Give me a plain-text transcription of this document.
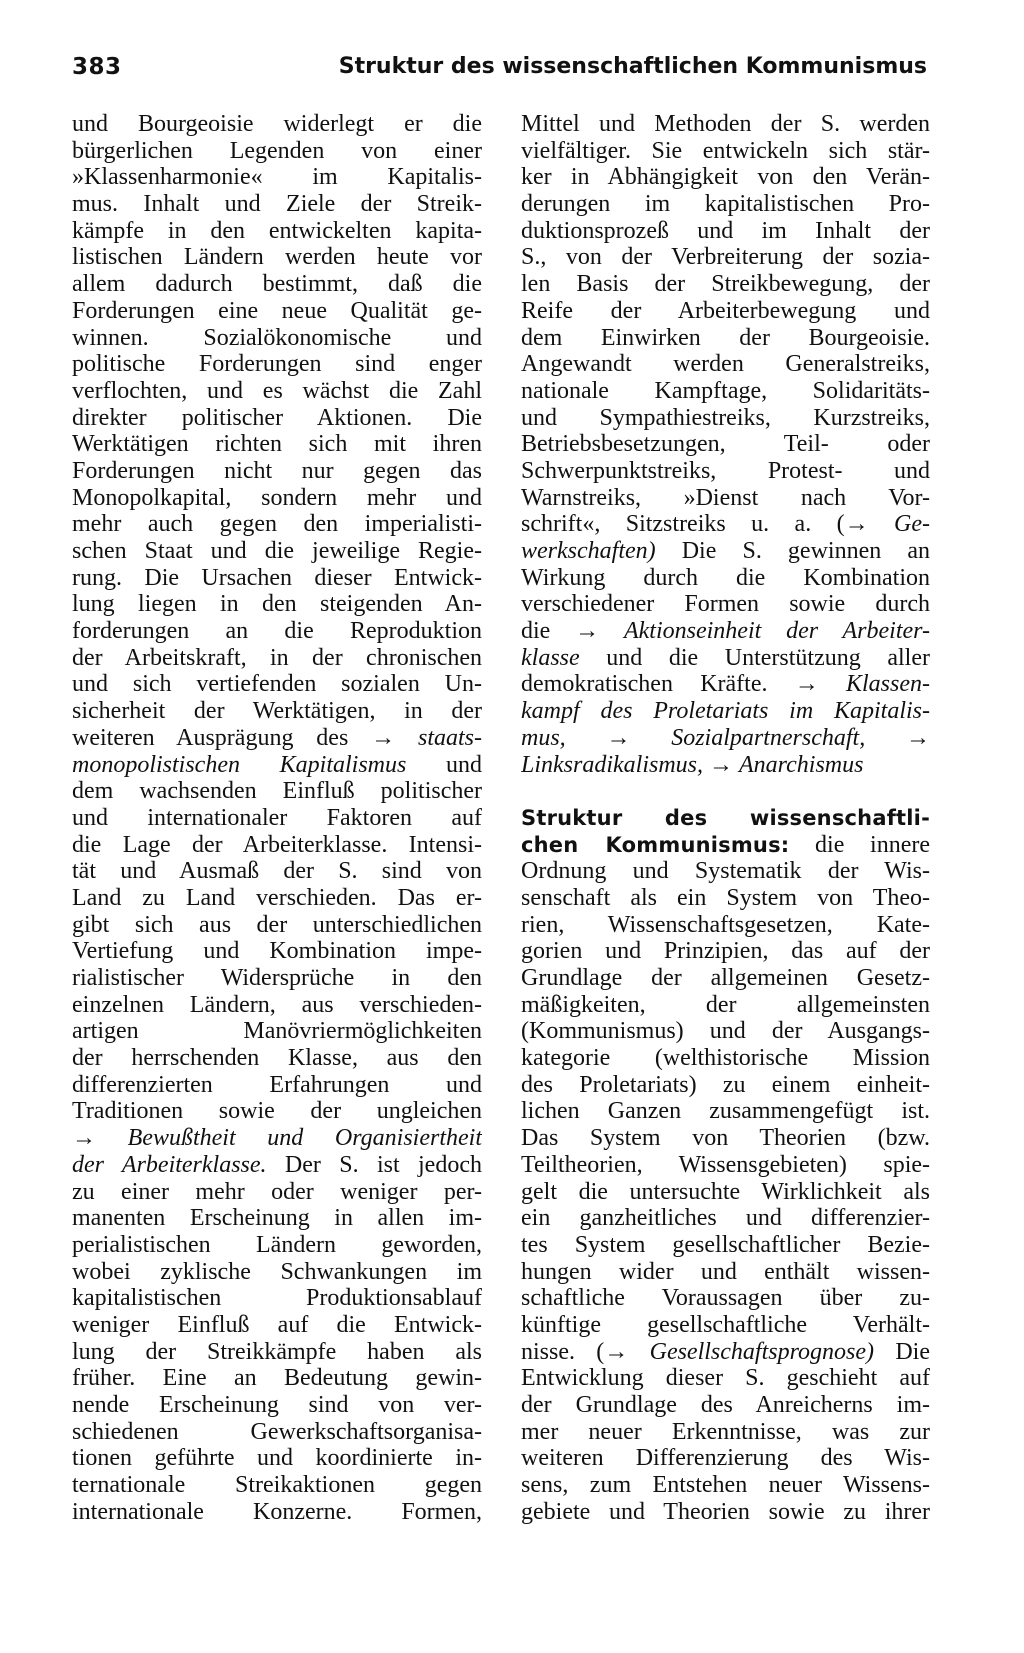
383	Struktur des wissenschaftlichen Kommunismus
und Bourgeoisie widerlegt er die
bürgerlichen Legenden von einer
»Klassenharmonie« im Kapitalis-
mus. Inhalt und Ziele der Streik-
kämpfe in den entwickelten kapita-
listischen Ländern werden heute vor
allem dadurch bestimmt, daß die
Forderungen eine neue Qualität ge-
winnen. Sozialökonomische und
politische Forderungen sind enger
verflochten, und es wächst die Zahl
direkter politischer Aktionen. Die
Werktätigen richten sich mit ihren
Forderungen nicht nur gegen das
Monopolkapital, sondern mehr und
mehr auch gegen den imperialisti-
schen Staat und die jeweilige Regie-
rung. Die Ursachen dieser Entwick-
lung liegen in den steigenden An-
forderungen an die Reproduktion
der Arbeitskraft, in der chronischen
und sich vertiefenden sozialen Un-
sicherheit der Werktätigen, in der
weiteren Ausprägung des → staats-
monopolistischen Kapitalismus und
dem wachsenden Einfluß politischer
und internationaler Faktoren auf
die Lage der Arbeiterklasse. Intensi-
tät und Ausmaß der S. sind von
Land zu Land verschieden. Das er-
gibt sich aus der unterschiedlichen
Vertiefung und Kombination impe-
rialistischer Widersprüche in den
einzelnen Ländern, aus verschieden-
artigen Manövriermöglichkeiten
der herrschenden Klasse, aus den
differenzierten Erfahrungen und
Traditionen sowie der ungleichen
→ Bewußtheit und Organisiertheit
der Arbeiterklasse. Der S. ist jedoch
zu einer mehr oder weniger per-
manenten Erscheinung in allen im-
perialistischen Ländern geworden,
wobei zyklische Schwankungen im
kapitalistischen Produktionsablauf
weniger Einfluß auf die Entwick-
lung der Streikkämpfe haben als
früher. Eine an Bedeutung gewin-
nende Erscheinung sind von ver-
schiedenen Gewerkschaftsorganisa-
tionen geführte und koordinierte in-
ternationale Streikaktionen gegen
internationale Konzerne. Formen,
Mittel und Methoden der S. werden
vielfältiger. Sie entwickeln sich stär-
ker in Abhängigkeit von den Verän-
derungen im kapitalistischen Pro-
duktionsprozeß und im Inhalt der
S., von der Verbreiterung der sozia-
len Basis der Streikbewegung, der
Reife der Arbeiterbewegung und
dem Einwirken der Bourgeoisie.
Angewandt werden Generalstreiks,
nationale Kampftage, Solidaritäts-
und Sympathiestreiks, Kurzstreiks,
Betriebsbesetzungen, Teil- oder
Schwerpunktstreiks, Protest- und
Warnstreiks, »Dienst nach Vor-
schrift«, Sitzstreiks u. a. (→ Ge-
werkschaften) Die S. gewinnen an
Wirkung durch die Kombination
verschiedener Formen sowie durch
die → Aktionseinheit der Arbeiter-
klasse und die Unterstützung aller
demokratischen Kräfte. → Klassen-
kampf des Proletariats im Kapitalis-
mus, → Sozialpartnerschaft, →
Linksradikalismus, → Anarchismus
Struktur des wissenschaftli-
chen Kommunismus: die innere
Ordnung und Systematik der Wis-
senschaft als ein System von Theo-
rien, Wissenschaftsgesetzen, Kate-
gorien und Prinzipien, das auf der
Grundlage der allgemeinen Gesetz-
mäßigkeiten, der allgemeinsten
(Kommunismus) und der Ausgangs-
kategorie (welthistorische Mission
des Proletariats) zu einem einheit-
lichen Ganzen zusammengefügt ist.
Das System von Theorien (bzw.
Teiltheorien, Wissensgebieten) spie-
gelt die untersuchte Wirklichkeit als
ein ganzheitliches und differenzier-
tes System gesellschaftlicher Bezie-
hungen wider und enthält wissen-
schaftliche Voraussagen über zu-
künftige gesellschaftliche Verhält-
nisse. (→ Gesellschaftsprognose) Die
Entwicklung dieser S. geschieht auf
der Grundlage des Anreicherns im-
mer neuer Erkenntnisse, was zur
weiteren Differenzierung des Wis-
sens, zum Entstehen neuer Wissens-
gebiete und Theorien sowie zu ihrer
